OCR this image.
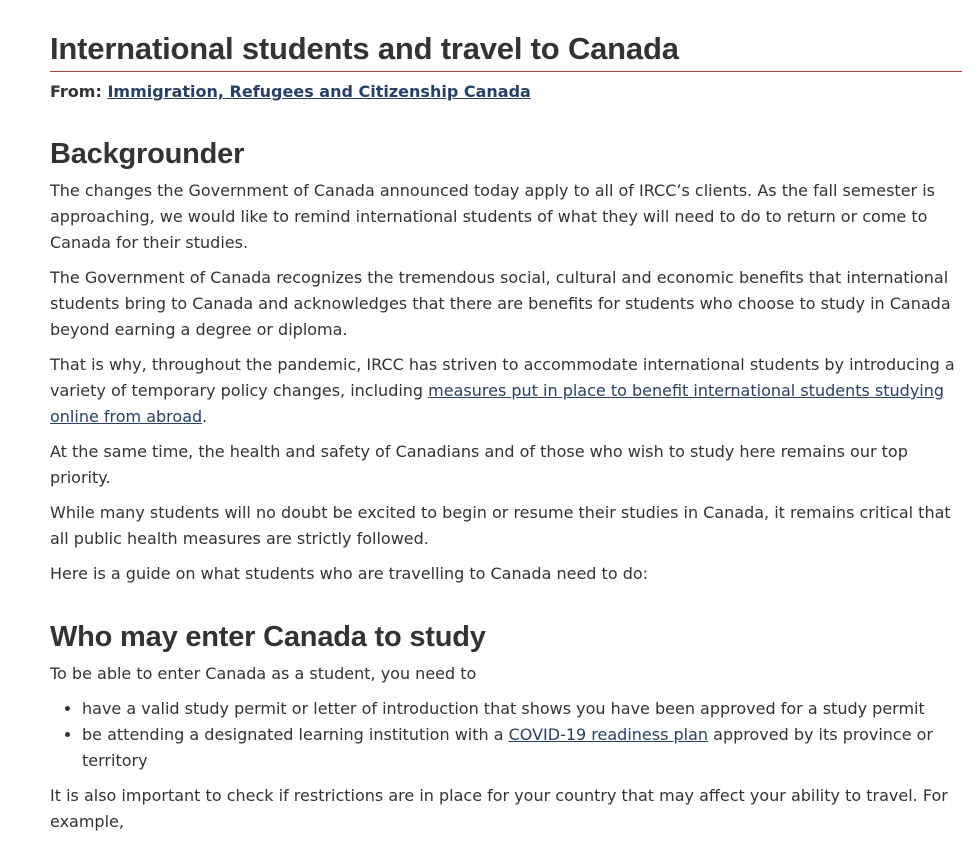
International students and travel to Canada
From: Immigration, Refugees and Citizenship Canada
Backgrounder

The changes the Government of Canada announced today apply to all of IRCC’s clients. As the fall semester is approaching, we would like to remind international students of what they will need to do to return or come to Canada for their studies.

The Government of Canada recognizes the tremendous social, cultural and economic benefits that international students bring to Canada and acknowledges that there are benefits for students who choose to study in Canada beyond earning a degree or diploma.

That is why, throughout the pandemic, IRCC has striven to accommodate international students by introducing a variety of temporary policy changes, including measures put in place to benefit international students studying online from abroad.

At the same time, the health and safety of Canadians and of those who wish to study here remains our top priority.

While many students will no doubt be excited to begin or resume their studies in Canada, it remains critical that all public health measures are strictly followed.

Here is a guide on what students who are travelling to Canada need to do:

Who may enter Canada to study

To be able to enter Canada as a student, you need to

• have a valid study permit or letter of introduction that shows you have been approved for a study permit
• be attending a designated learning institution with a COVID-19 readiness plan approved by its province or territory

It is also important to check if restrictions are in place for your country that may affect your ability to travel. For example,
